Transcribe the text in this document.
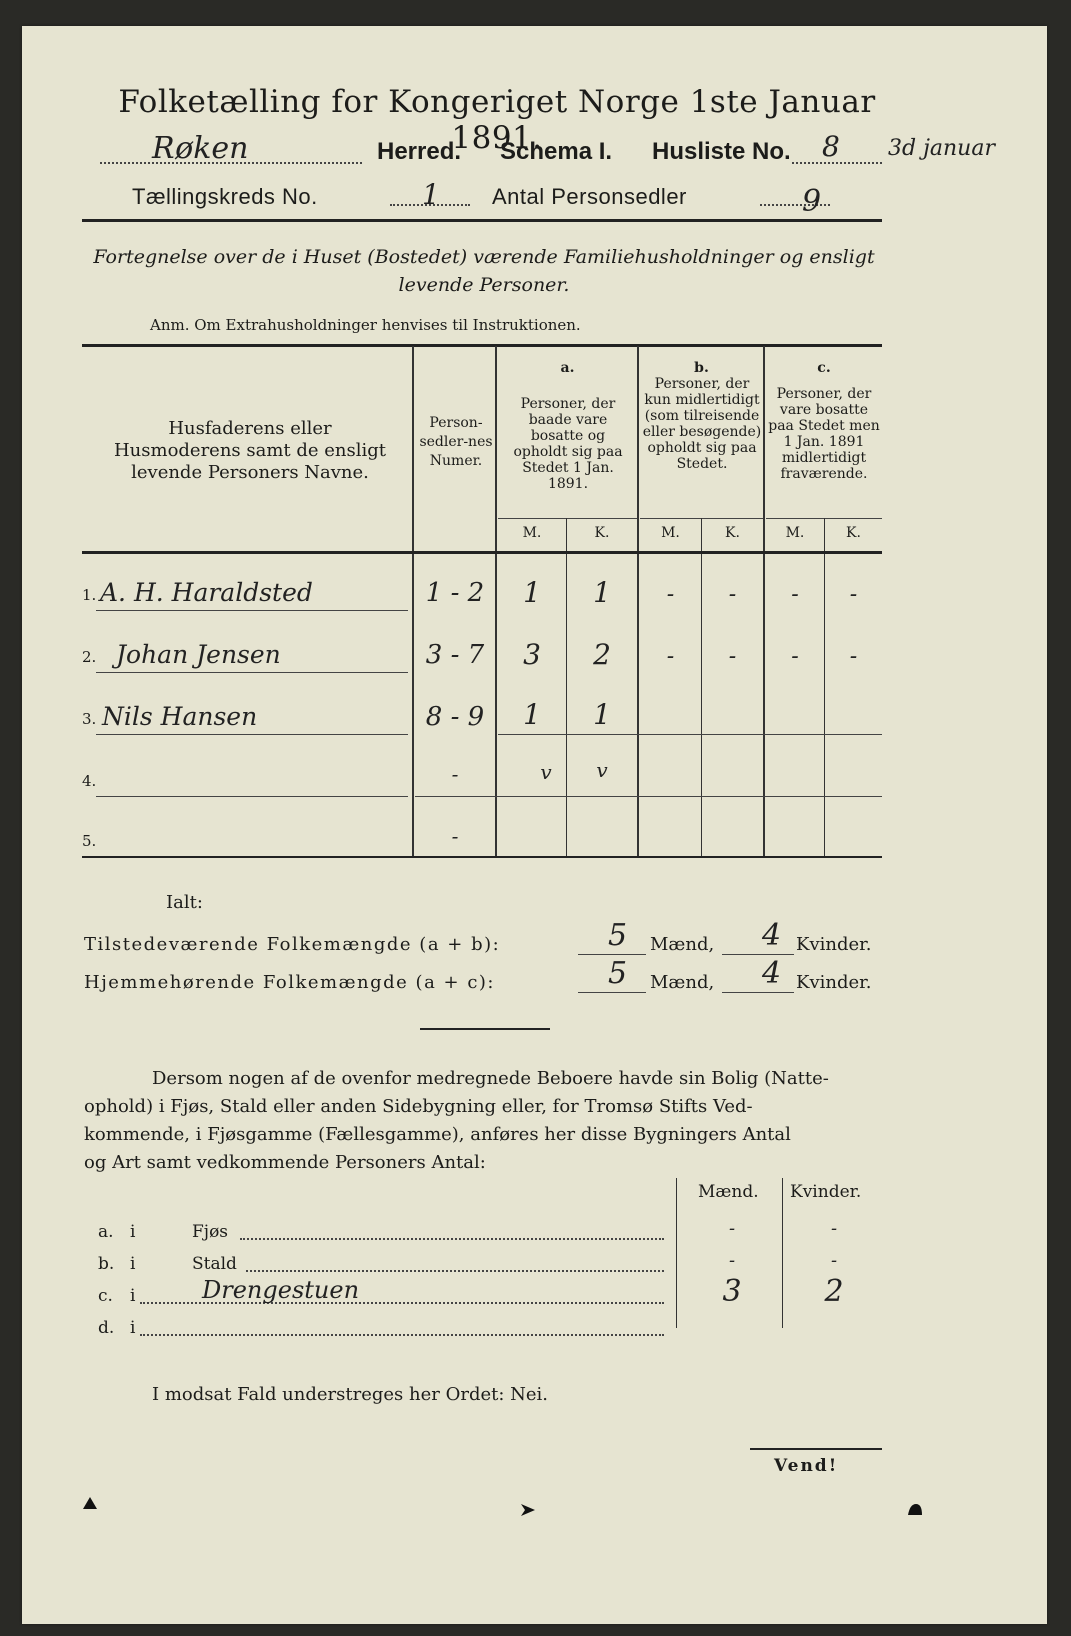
Folketælling for Kongeriget Norge 1ste Januar 1891.
Røken	Herred. Schema I. Husliste No. 8 3d januar
Tællingskreds No.	1 Antal Personsedler	9
Fortegnelse over de i Huset (Bostedet) værende Familiehusholdninger og ensligt
levende Personer.
Anm. Om Extrahusholdninger henvises til Instruktionen.
Husfaderens eller Husmoderens samt de ensligt levende Personers Navne.
Person-sedler-nes Numer.
a.
Personer, der baade vare bosatte og opholdt sig paa Stedet 1 Jan. 1891.
b.
Personer, der kun midlertidigt (som tilreisende eller besøgende) opholdt sig paa Stedet.
c.
Personer, der vare bosatte paa Stedet men 1 Jan. 1891 midlertidigt fraværende.
M.	K.	M.	K.	M.	K.
1. A. H. Haraldsted	1 - 2	1	1	-	-	-	-
2. Johan Jensen	3 - 7	3	2	-	-	-	-
3. Nils Hansen	8 - 9	1	1
4.	-	v	v
5.	-
Ialt:
Tilstedeværende Folkemængde (a + b):	5 Mænd, 4 Kvinder.
Hjemmehørende Folkemængde (a + c):	5 Mænd, 4 Kvinder.
Dersom nogen af de ovenfor medregnede Beboere havde sin Bolig (Natte-
ophold) i Fjøs, Stald eller anden Sidebygning eller, for Tromsø Stifts Ved-
kommende, i Fjøsgamme (Fællesgamme), anføres her disse Bygningers Antal
og Art samt vedkommende Personers Antal:
Mænd. Kvinder.
a. i	Fjøs	-	-
b. i	Stald	-	-
c. i	Drengestuen	3	2
d. i
I modsat Fald understreges her Ordet: Nei.
Vend!
